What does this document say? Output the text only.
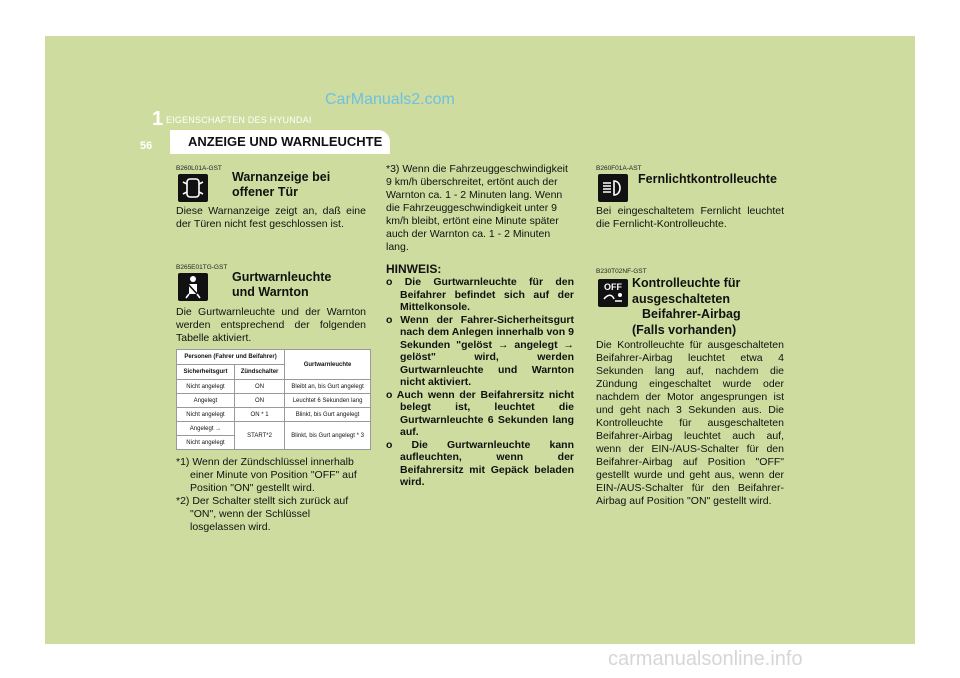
1 EIGENSCHAFTEN DES HYUNDAI
CarManuals2.com
56	ANZEIGE UND WARNLEUCHTE
B260L01A-GST
Warnanzeige bei
offener Tür
Diese Warnanzeige zeigt an, daß eine der Türen nicht fest geschlossen ist.
B265E01TG-GST
Gurtwarnleuchte
und Warnton
Die Gurtwarnleuchte und der Warnton werden entsprechend der folgenden Tabelle aktiviert.
Personen (Fahrer und Beifahrer)		Gurtwarnleuchte
Sicherheitsgurt	Zündschalter	
Nicht angelegt	ON	Bleibt an, bis Gurt angelegt
Angelegt	ON	Leuchtet 6 Sekunden lang
Nicht angelegt	ON * 1	Blinkt, bis Gurt angelegt
Angelegt →	START*2	Blinkt, bis Gurt angelegt * 3
Nicht angelegt		
*1) Wenn der Zündschlüssel innerhalb einer Minute von Position "OFF" auf Position "ON" gestellt wird.
*2) Der Schalter stellt sich zurück auf "ON", wenn der Schlüssel losgelassen wird.
*3) Wenn die Fahrzeuggeschwindigkeit 9 km/h überschreitet, ertönt auch der Warnton ca. 1 - 2 Minuten lang. Wenn die Fahrzeuggeschwindigkeit unter 9 km/h bleibt, ertönt eine Minute später auch der Warnton ca. 1 - 2 Minuten lang.
HINWEIS:
o Die Gurtwarnleuchte für den Beifahrer befindet sich auf der Mittelkonsole.
o Wenn der Fahrer-Sicherheitsgurt nach dem Anlegen innerhalb von 9 Sekunden "gelöst → angelegt → gelöst" wird, werden Gurtwarnleuchte und Warnton nicht aktiviert.
o Auch wenn der Beifahrersitz nicht belegt ist, leuchtet die Gurtwarnleuchte 6 Sekunden lang auf.
o Die Gurtwarnleuchte kann aufleuchten, wenn der Beifahrersitz mit Gepäck beladen wird.
B260F01A-AST
Fernlichtkontrolleuchte
Bei eingeschaltetem Fernlicht leuchtet die Fernlicht-Kontrolleuchte.
B230T02NF-GST
OFF Kontrolleuchte für
ausgeschalteten
Beifahrer-Airbag
(Falls vorhanden)
Die Kontrolleuchte für ausgeschalteten Beifahrer-Airbag leuchtet etwa 4 Sekunden lang auf, nachdem die Zündung eingeschaltet wurde oder nachdem der Motor angesprungen ist und geht nach 3 Sekunden aus. Die Kontrolleuchte für ausgeschalteten Beifahrer-Airbag leuchtet auch auf, wenn der EIN-/AUS-Schalter für den Beifahrer-Airbag auf Position "OFF" gestellt wurde und geht aus, wenn der EIN-/AUS-Schalter für den Beifahrer-Airbag auf Position "ON" gestellt wird.
carmanualsonline.info
